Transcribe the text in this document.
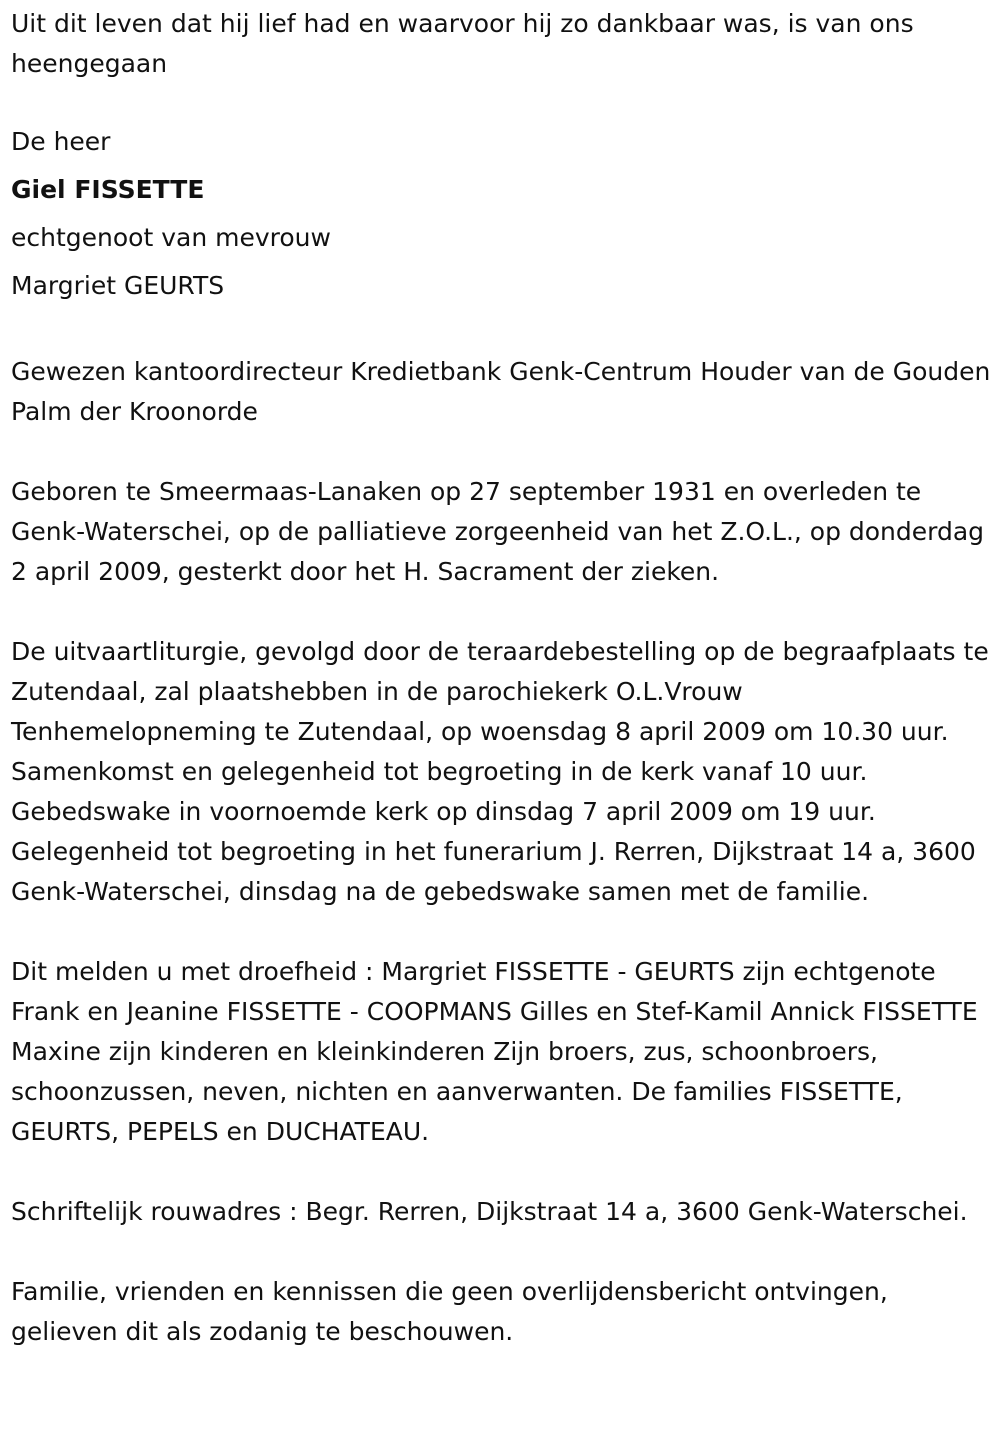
Uit dit leven dat hij lief had en waarvoor hij zo dankbaar was, is van ons heengegaan

De heer

Giel FISSETTE

echtgenoot van mevrouw

Margriet GEURTS

Gewezen kantoordirecteur Kredietbank Genk-Centrum Houder van de Gouden Palm der Kroonorde

Geboren te Smeermaas-Lanaken op 27 september 1931 en overleden te Genk-Waterschei, op de palliatieve zorgeenheid van het Z.O.L., op donderdag 2 april 2009, gesterkt door het H. Sacrament der zieken.

De uitvaartliturgie, gevolgd door de teraardebestelling op de begraafplaats te Zutendaal, zal plaatshebben in de parochiekerk O.L.Vrouw Tenhemelopneming te Zutendaal, op woensdag 8 april 2009 om 10.30 uur. Samenkomst en gelegenheid tot begroeting in de kerk vanaf 10 uur. Gebedswake in voornoemde kerk op dinsdag 7 april 2009 om 19 uur. Gelegenheid tot begroeting in het funerarium J. Rerren, Dijkstraat 14 a, 3600 Genk-Waterschei, dinsdag na de gebedswake samen met de familie.

Dit melden u met droefheid : Margriet FISSETTE - GEURTS zijn echtgenote Frank en Jeanine FISSETTE - COOPMANS Gilles en Stef-Kamil Annick FISSETTE Maxine zijn kinderen en kleinkinderen Zijn broers, zus, schoonbroers, schoonzussen, neven, nichten en aanverwanten. De families FISSETTE, GEURTS, PEPELS en DUCHATEAU.

Schriftelijk rouwadres : Begr. Rerren, Dijkstraat 14 a, 3600 Genk-Waterschei.

Familie, vrienden en kennissen die geen overlijdensbericht ontvingen, gelieven dit als zodanig te beschouwen.
